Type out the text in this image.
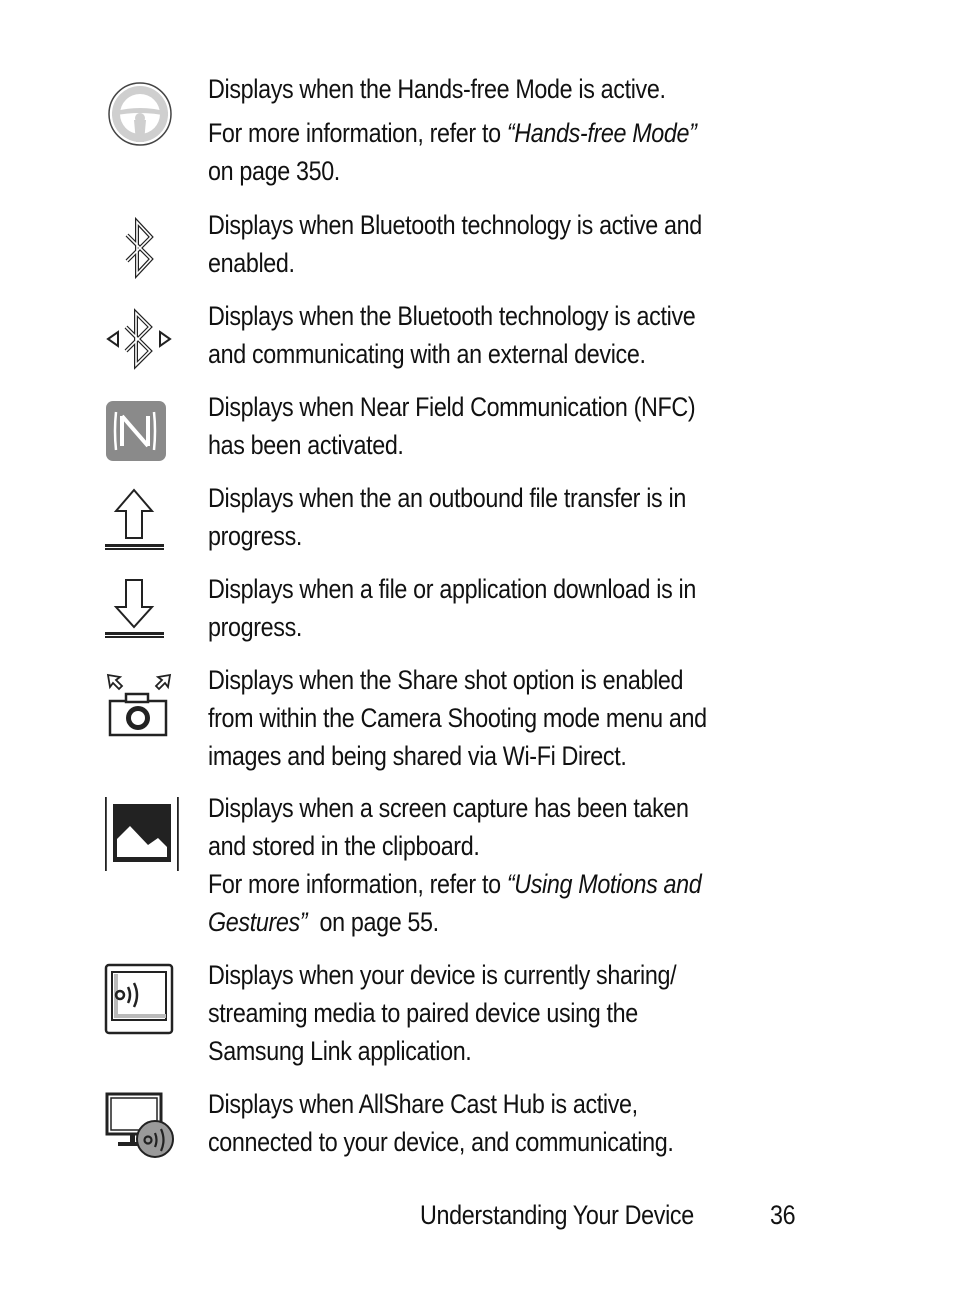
Displays when the Hands-free Mode is active.

For more information, refer to “Hands-free Mode”

on page 350.

Displays when Bluetooth technology is active and

enabled.

Displays when the Bluetooth technology is active

and communicating with an external device.

Displays when Near Field Communication (NFC)

has been activated.

Displays when the an outbound file transfer is in

progress.

Displays when a file or application download is in

progress.

Displays when the Share shot option is enabled

from within the Camera Shooting mode menu and

images and being shared via Wi-Fi Direct.

Displays when a screen capture has been taken

and stored in the clipboard.

For more information, refer to “Using Motions and

Gestures”  on page 55.

Displays when your device is currently sharing/

streaming media to paired device using the

Samsung Link application.

Displays when AllShare Cast Hub is active,

connected to your device, and communicating.

Understanding Your Device	36
